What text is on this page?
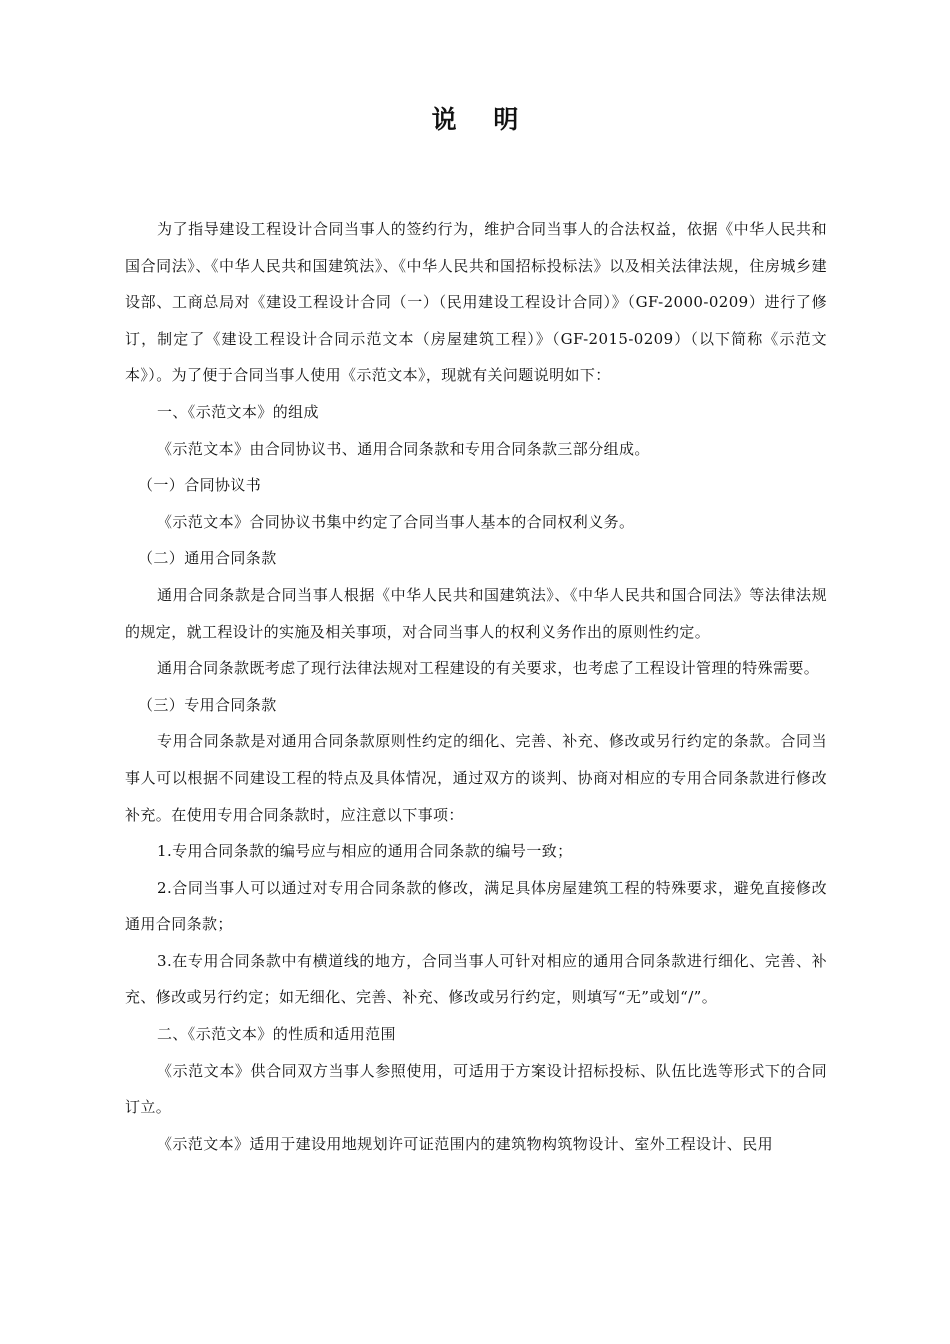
说 明

为了指导建设工程设计合同当事人的签约行为，维护合同当事人的合法权益，依据《中华人民共和国合同法》、《中华人民共和国建筑法》、《中华人民共和国招标投标法》以及相关法律法规，住房城乡建设部、工商总局对《建设工程设计合同（一）（民用建设工程设计合同）》（GF-2000-0209）进行了修订，制定了《建设工程设计合同示范文本（房屋建筑工程）》（GF-2015-0209）（以下简称《示范文本》）。为了便于合同当事人使用《示范文本》，现就有关问题说明如下：

一、《示范文本》的组成

《示范文本》由合同协议书、通用合同条款和专用合同条款三部分组成。

（一）合同协议书

《示范文本》合同协议书集中约定了合同当事人基本的合同权利义务。

（二）通用合同条款

通用合同条款是合同当事人根据《中华人民共和国建筑法》、《中华人民共和国合同法》等法律法规的规定，就工程设计的实施及相关事项，对合同当事人的权利义务作出的原则性约定。

通用合同条款既考虑了现行法律法规对工程建设的有关要求，也考虑了工程设计管理的特殊需要。

（三）专用合同条款

专用合同条款是对通用合同条款原则性约定的细化、完善、补充、修改或另行约定的条款。合同当事人可以根据不同建设工程的特点及具体情况，通过双方的谈判、协商对相应的专用合同条款进行修改补充。在使用专用合同条款时，应注意以下事项：

1.专用合同条款的编号应与相应的通用合同条款的编号一致；

2.合同当事人可以通过对专用合同条款的修改，满足具体房屋建筑工程的特殊要求，避免直接修改通用合同条款；

3.在专用合同条款中有横道线的地方，合同当事人可针对相应的通用合同条款进行细化、完善、补充、修改或另行约定；如无细化、完善、补充、修改或另行约定，则填写“无”或划“/”。

二、《示范文本》的性质和适用范围

《示范文本》供合同双方当事人参照使用，可适用于方案设计招标投标、队伍比选等形式下的合同订立。

《示范文本》适用于建设用地规划许可证范围内的建筑物构筑物设计、室外工程设计、民用
